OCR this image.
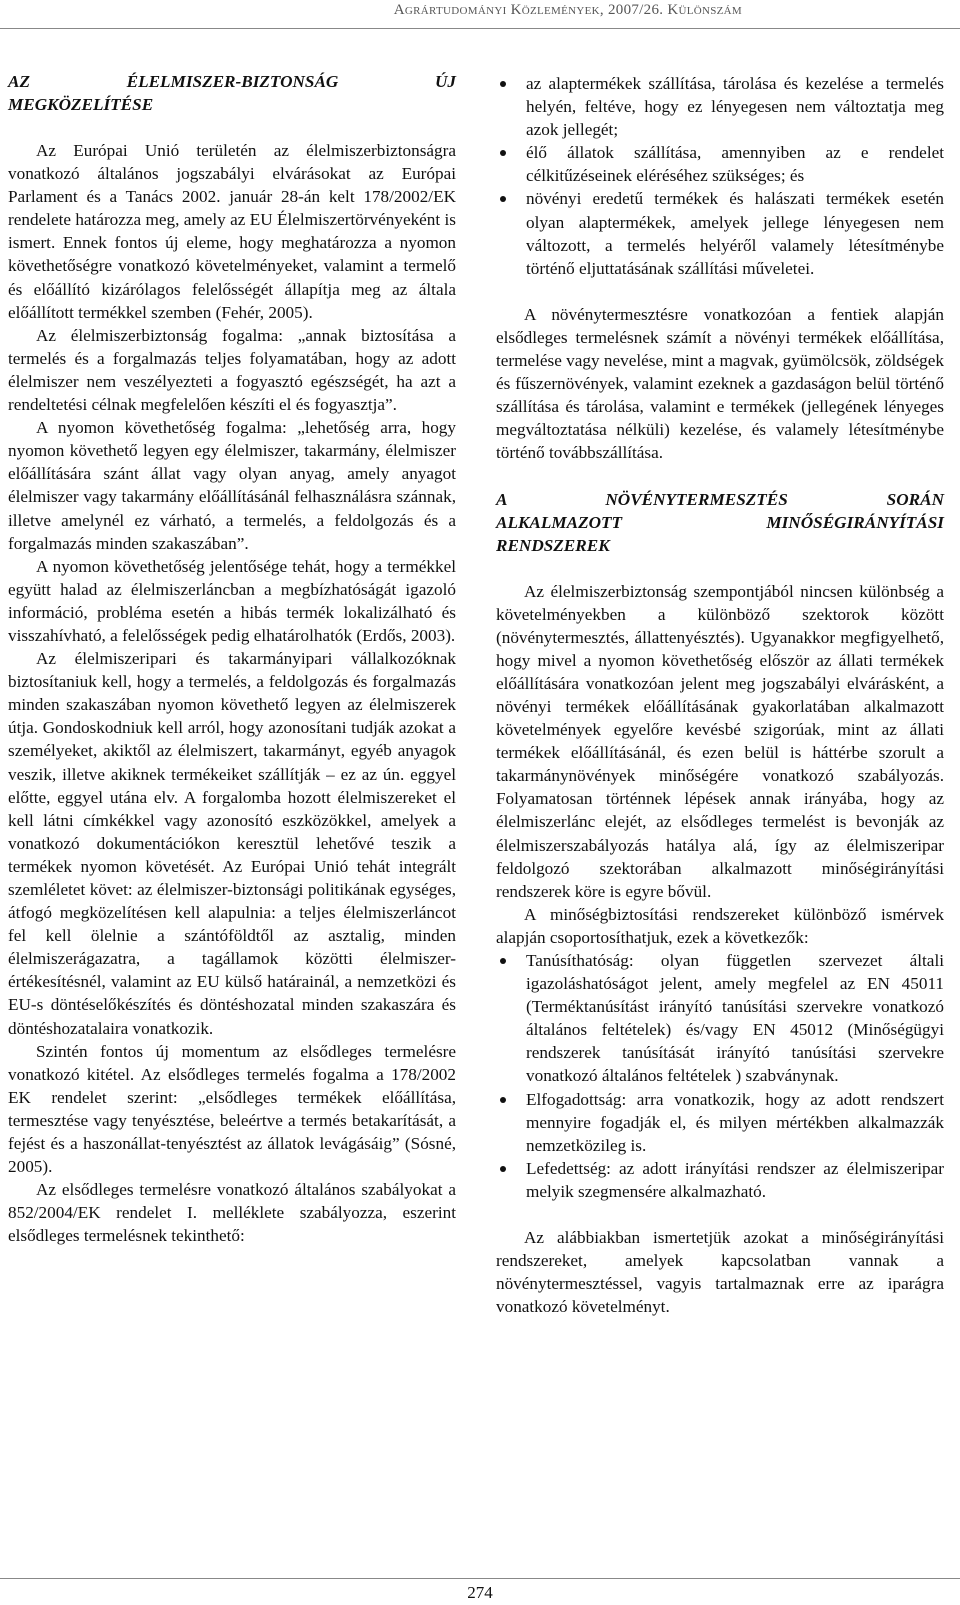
Agrártudományi Közlemények, 2007/26. Különszám
AZ ÉLELMISZER-BIZTONSÁG ÚJ
MEGKÖZELÍTÉSE

Az Európai Unió területén az élelmiszerbiztonságra vonatkozó általános jogszabályi elvárásokat az Európai Parlament és a Tanács 2002. január 28-án kelt 178/2002/EK rendelete határozza meg, amely az EU Élelmiszertörvényeként is ismert. Ennek fontos új eleme, hogy meghatározza a nyomon követhetőségre vonatkozó követelményeket, valamint a termelő és előállító kizárólagos felelősségét állapítja meg az általa előállított termékkel szemben (Fehér, 2005).

Az élelmiszerbiztonság fogalma: „annak biztosítása a termelés és a forgalmazás teljes folyamatában, hogy az adott élelmiszer nem veszélyezteti a fogyasztó egészségét, ha azt a rendeltetési célnak megfelelően készíti el és fogyasztja”.

A nyomon követhetőség fogalma: „lehetőség arra, hogy nyomon követhető legyen egy élelmiszer, takarmány, élelmiszer előállítására szánt állat vagy olyan anyag, amely anyagot élelmiszer vagy takarmány előállításánál felhasználásra szánnak, illetve amelynél ez várható, a termelés, a feldolgozás és a forgalmazás minden szakaszában”.

A nyomon követhetőség jelentősége tehát, hogy a termékkel együtt halad az élelmiszerláncban a megbízhatóságát igazoló információ, probléma esetén a hibás termék lokalizálható és visszahívható, a felelősségek pedig elhatárolhatók (Erdős, 2003).

Az élelmiszeripari és takarmányipari vállalkozóknak biztosítaniuk kell, hogy a termelés, a feldolgozás és forgalmazás minden szakaszában nyomon követhető legyen az élelmiszerek útja. Gondoskodniuk kell arról, hogy azonosítani tudják azokat a személyeket, akiktől az élelmiszert, takarmányt, egyéb anyagok veszik, illetve akiknek termékeiket szállítják – ez az ún. eggyel előtte, eggyel utána elv. A forgalomba hozott élelmiszereket el kell látni címkékkel vagy azonosító eszközökkel, amelyek a vonatkozó dokumentációkon keresztül lehetővé teszik a termékek nyomon követését. Az Európai Unió tehát integrált szemléletet követ: az élelmiszer-biztonsági politikának egységes, átfogó megközelítésen kell alapulnia: a teljes élelmiszerláncot fel kell ölelnie a szántóföldtől az asztalig, minden élelmiszerágazatra, a tagállamok közötti élelmiszer-értékesítésnél, valamint az EU külső határainál, a nemzetközi és EU-s döntéselőkészítés és döntéshozatal minden szakaszára és döntéshozatalaira vonatkozik.

Szintén fontos új momentum az elsődleges termelésre vonatkozó kitétel. Az elsődleges termelés fogalma a 178/2002 EK rendelet szerint: „elsődleges termékek előállítása, termesztése vagy tenyésztése, beleértve a termés betakarítását, a fejést és a haszonállat-tenyésztést az állatok levágásáig” (Sósné, 2005).

Az elsődleges termelésre vonatkozó általános szabályokat a 852/2004/EK rendelet I. melléklete szabályozza, eszerint elsődleges termelésnek tekinthető:

az alaptermékek szállítása, tárolása és kezelése a termelés helyén, feltéve, hogy ez lényegesen nem változtatja meg azok jellegét;
élő állatok szállítása, amennyiben az e rendelet célkitűzéseinek eléréséhez szükséges; és
növényi eredetű termékek és halászati termékek esetén olyan alaptermékek, amelyek jellege lényegesen nem változott, a termelés helyéről valamely létesítménybe történő eljuttatásának szállítási műveletei.

A növénytermesztésre vonatkozóan a fentiek alapján elsődleges termelésnek számít a növényi termékek előállítása, termelése vagy nevelése, mint a magvak, gyümölcsök, zöldségek és fűszernövények, valamint ezeknek a gazdaságon belül történő szállítása és tárolása, valamint e termékek (jellegének lényeges megváltoztatása nélküli) kezelése, és valamely létesítménybe történő továbbszállítása.

A NÖVÉNYTERMESZTÉS SORÁN
ALKALMAZOTT MINŐSÉGIRÁNYÍTÁSI
RENDSZEREK

Az élelmiszerbiztonság szempontjából nincsen különbség a követelményekben a különböző szektorok között (növénytermesztés, állattenyésztés). Ugyanakkor megfigyelhető, hogy mivel a nyomon követhetőség először az állati termékek előállítására vonatkozóan jelent meg jogszabályi elvárásként, a növényi termékek előállításának gyakorlatában alkalmazott követelmények egyelőre kevésbé szigorúak, mint az állati termékek előállításánál, és ezen belül is háttérbe szorult a takarmánynövények minőségére vonatkozó szabályozás. Folyamatosan történnek lépések annak irányába, hogy az élelmiszerlánc elejét, az elsődleges termelést is bevonják az élelmiszerszabályozás hatálya alá, így az élelmiszeripar feldolgozó szektorában alkalmazott minőségirányítási rendszerek köre is egyre bővül.

A minőségbiztosítási rendszereket különböző ismérvek alapján csoportosíthatjuk, ezek a következők:

Tanúsíthatóság: olyan független szervezet általi igazoláshatóságot jelent, amely megfelel az EN 45011 (Terméktanúsítást irányító tanúsítási szervekre vonatkozó általános feltételek) és/vagy EN 45012 (Minőségügyi rendszerek tanúsítását irányító tanúsítási szervekre vonatkozó általános feltételek ) szabványnak.
Elfogadottság: arra vonatkozik, hogy az adott rendszert mennyire fogadják el, és milyen mértékben alkalmazzák nemzetközileg is.
Lefedettség: az adott irányítási rendszer az élelmiszeripar melyik szegmensére alkalmazható.

Az alábbiakban ismertetjük azokat a minőségirányítási rendszereket, amelyek kapcsolatban vannak a növénytermesztéssel, vagyis tartalmaznak erre az iparágra vonatkozó követelményt.

274
